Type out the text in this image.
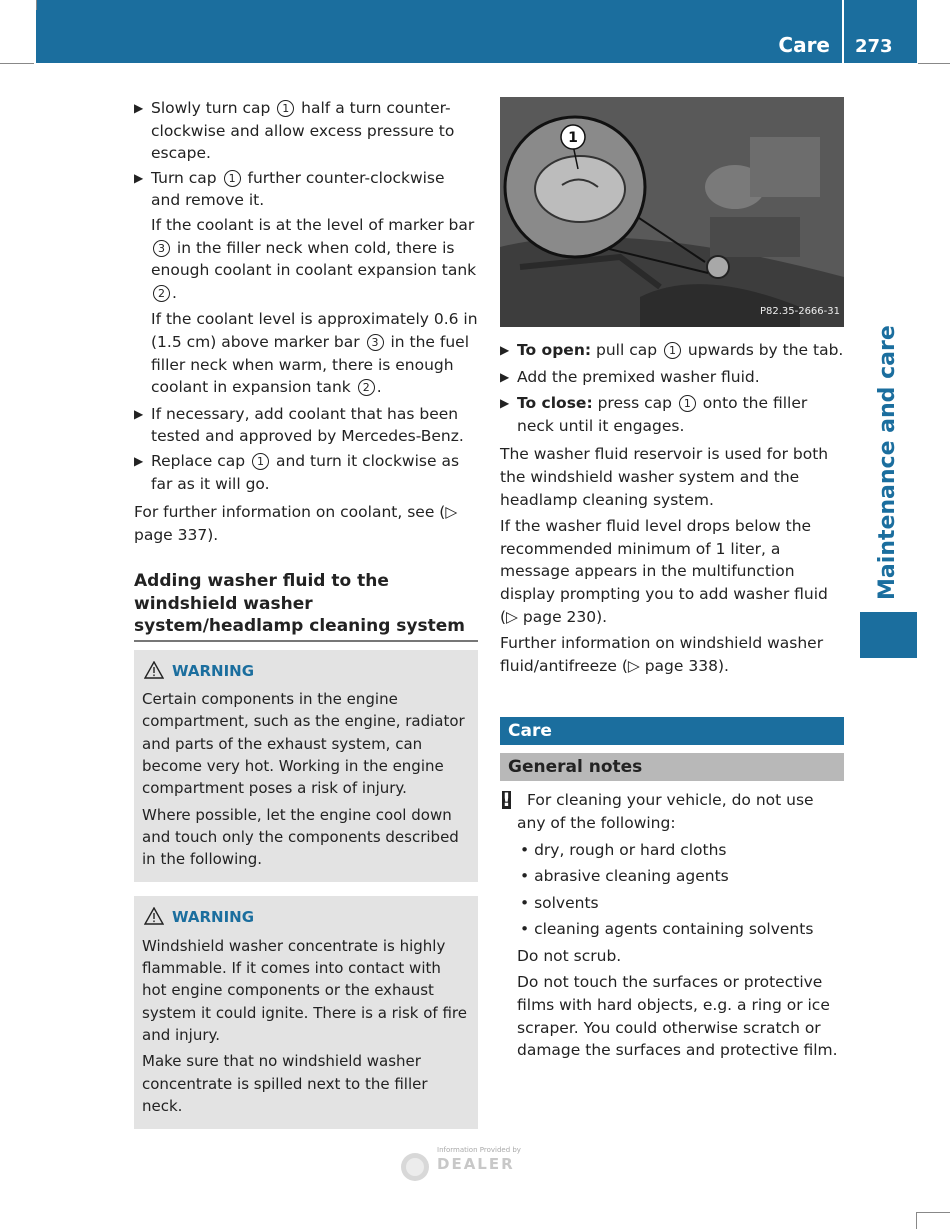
Care 273
Maintenance and care
▶ Slowly turn cap 1 half a turn counter-clockwise and allow excess pressure to escape.
▶ Turn cap 1 further counter-clockwise and remove it.
If the coolant is at the level of marker bar 3 in the filler neck when cold, there is enough coolant in coolant expansion tank 2 .
If the coolant level is approximately 0.6 in (1.5 cm) above marker bar 3 in the fuel filler neck when warm, there is enough coolant in expansion tank 2 .
▶ If necessary, add coolant that has been tested and approved by Mercedes-Benz.
▶ Replace cap 1 and turn it clockwise as far as it will go.
For further information on coolant, see (▷ page 337).
Adding washer fluid to the windshield washer system/headlamp cleaning system
WARNING

Certain components in the engine compartment, such as the engine, radiator and parts of the exhaust system, can become very hot. Working in the engine compartment poses a risk of injury.

Where possible, let the engine cool down and touch only the components described in the following.

WARNING

Windshield washer concentrate is highly flammable. If it comes into contact with hot engine components or the exhaust system it could ignite. There is a risk of fire and injury.

Make sure that no windshield washer concentrate is spilled next to the filler neck.

1
P82.35-2666-31
▶ To open: pull cap 1 upwards by the tab.
▶ Add the premixed washer fluid.
▶ To close: press cap 1 onto the filler neck until it engages.
The washer fluid reservoir is used for both the windshield washer system and the headlamp cleaning system.
If the washer fluid level drops below the recommended minimum of 1 liter, a message appears in the multifunction display prompting you to add washer fluid (▷ page 230).
Further information on windshield washer fluid/antifreeze (▷ page 338).
Care
General notes
! For cleaning your vehicle, do not use any of the following:
• dry, rough or hard cloths
• abrasive cleaning agents
• solvents
• cleaning agents containing solvents
Do not scrub.
Do not touch the surfaces or protective films with hard objects, e.g. a ring or ice scraper. You could otherwise scratch or damage the surfaces and protective film.
Information Provided by
DEALER
